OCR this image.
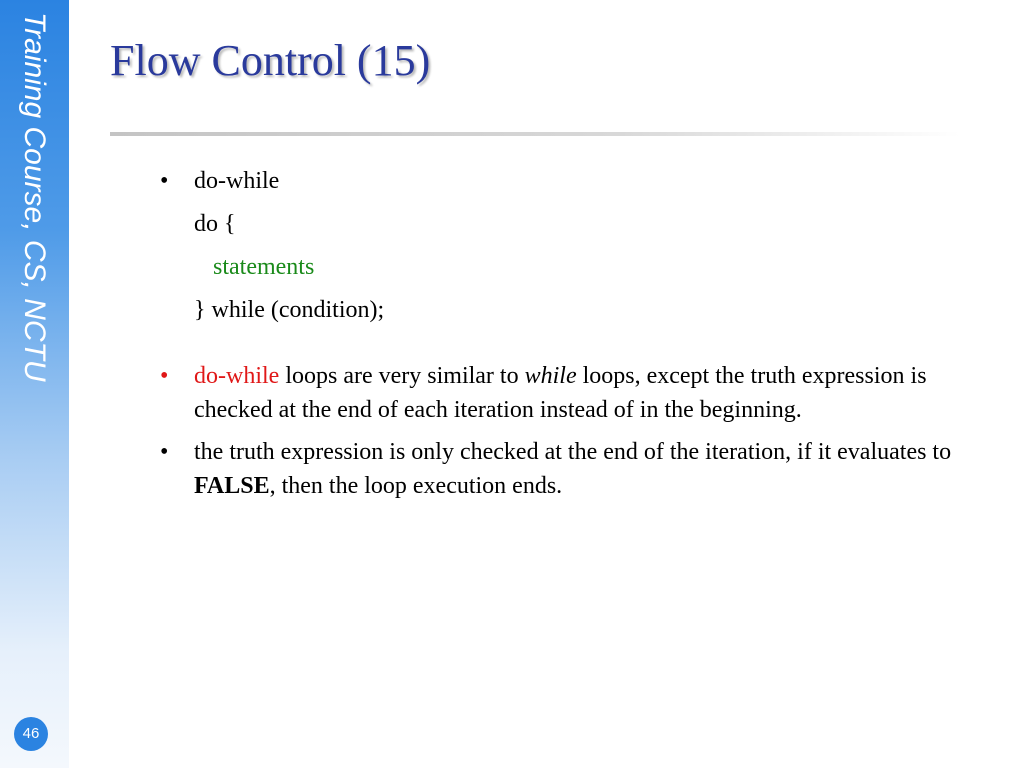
Training Course, CS, NCTU
46
Flow Control (15)
•	do-while
do {
statements
} while (condition);
•	do-while loops are very similar to while loops, except the truth expression is checked at the end of each iteration instead of in the beginning.
•	the truth expression is only checked at the end of the iteration, if it evaluates to FALSE, then the loop execution ends.
